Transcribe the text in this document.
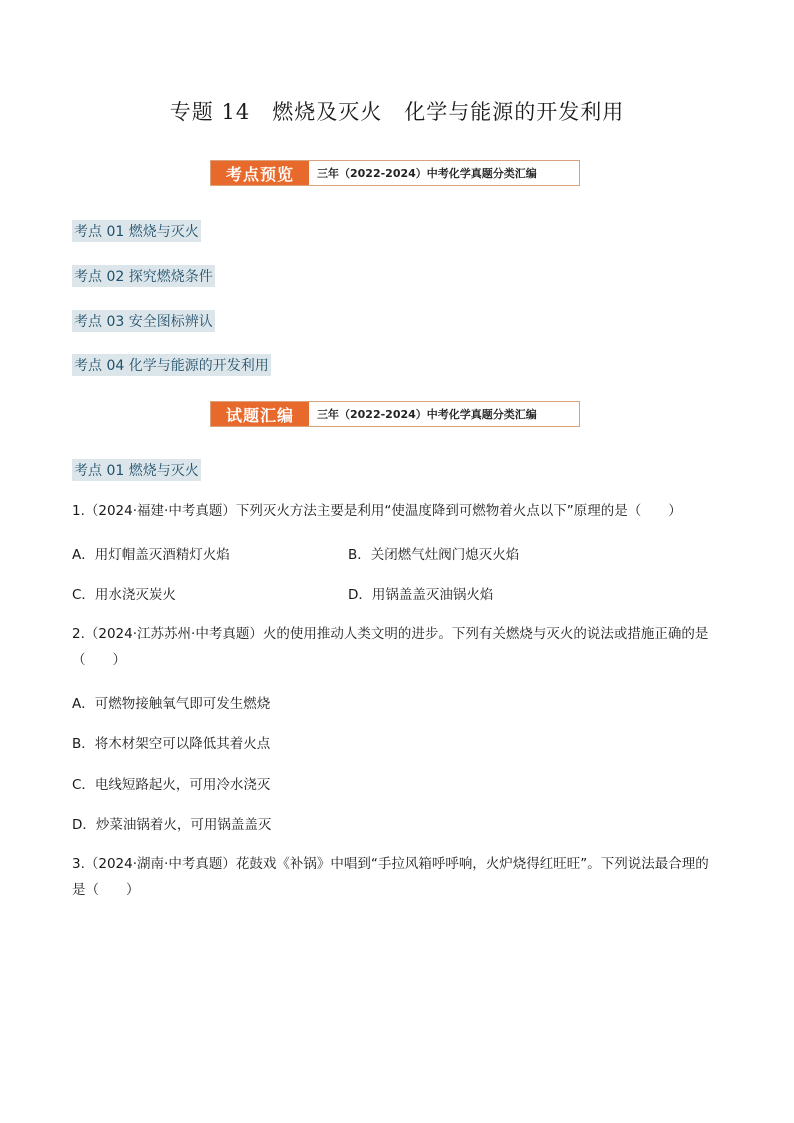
专题 14　燃烧及灭火　化学与能源的开发利用
考点预览	三年（2022-2024）中考化学真题分类汇编
考点 01 燃烧与灭火
考点 02 探究燃烧条件
考点 03 安全图标辨认
考点 04 化学与能源的开发利用
试题汇编	三年（2022-2024）中考化学真题分类汇编
考点 01 燃烧与灭火
1.（2024·福建·中考真题）下列灭火方法主要是利用“使温度降到可燃物着火点以下”原理的是（　　）
A．用灯帽盖灭酒精灯火焰	B．关闭燃气灶阀门熄灭火焰
C．用水浇灭炭火	D．用锅盖盖灭油锅火焰
2.（2024·江苏苏州·中考真题）火的使用推动人类文明的进步。下列有关燃烧与灭火的说法或措施正确的是
（　　）
A．可燃物接触氧气即可发生燃烧
B．将木材架空可以降低其着火点
C．电线短路起火，可用冷水浇灭
D．炒菜油锅着火，可用锅盖盖灭
3.（2024·湖南·中考真题）花鼓戏《补锅》中唱到“手拉风箱呼呼响，火炉烧得红旺旺”。下列说法最合理的
是（　　）
